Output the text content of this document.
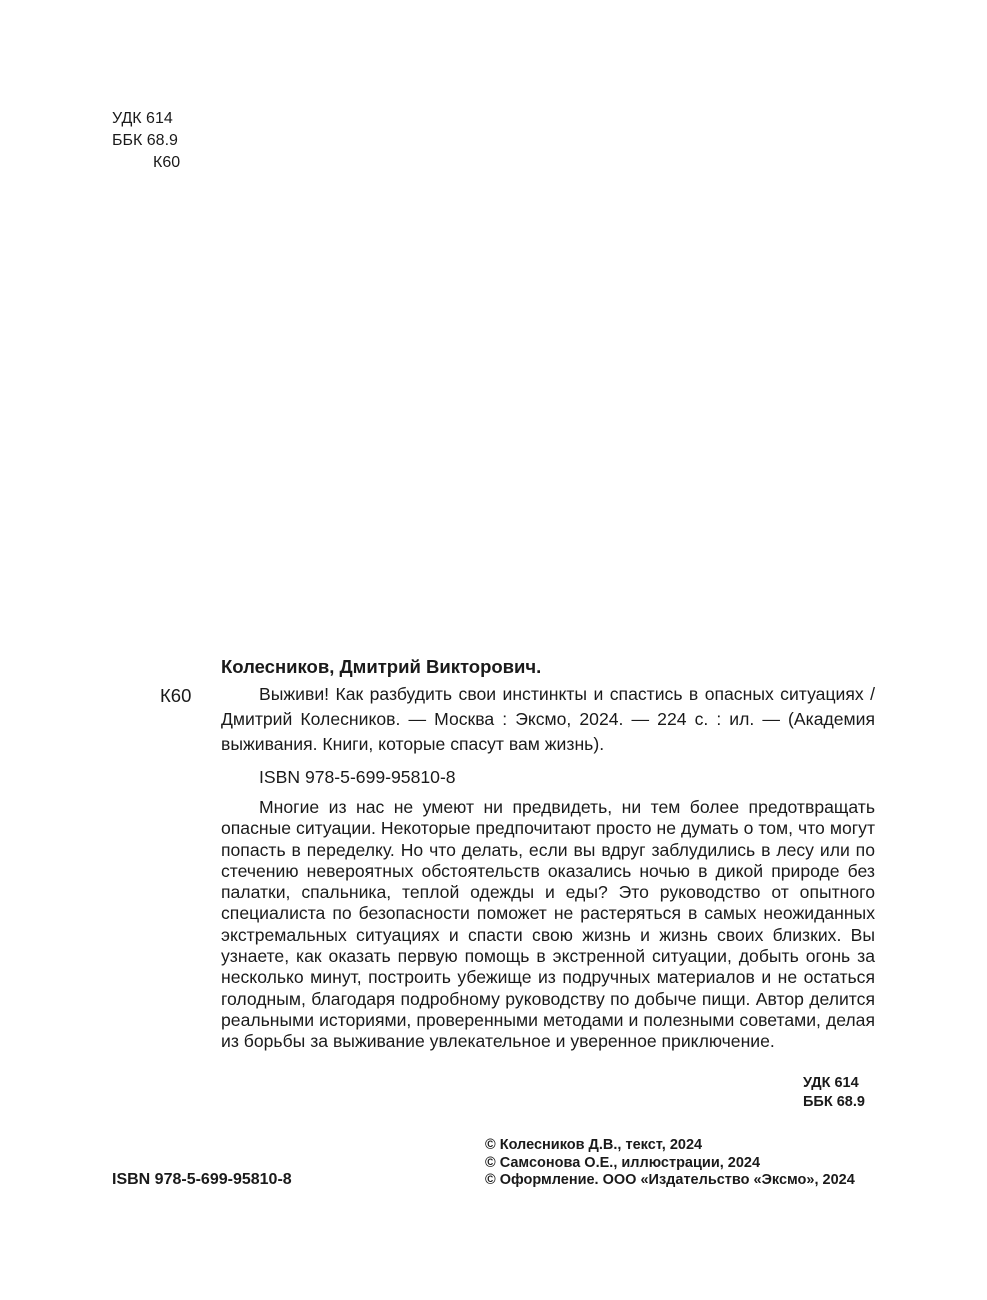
УДК 614
ББК 68.9
К60
Колесников, Дмитрий Викторович.
К60	Выживи! Как разбудить свои инстинкты и спастись в опасных ситуациях / Дмитрий Колесников. — Москва : Эксмо, 2024. — 224 с. : ил. — (Академия выживания. Книги, которые спасут вам жизнь).

ISBN 978-5-699-95810-8

Многие из нас не умеют ни предвидеть, ни тем более предотвращать опасные ситуации. Некоторые предпочитают просто не думать о том, что могут попасть в переделку. Но что делать, если вы вдруг заблудились в лесу или по стечению невероятных обстоятельств оказались ночью в дикой природе без палатки, спальника, теплой одежды и еды? Это руководство от опытного специалиста по безопасности поможет не растеряться в самых неожиданных экстремальных ситуациях и спасти свою жизнь и жизнь своих близких. Вы узнаете, как оказать первую помощь в экстренной ситуации, добыть огонь за несколько минут, построить убежище из подручных материалов и не остаться голодным, благодаря подробному руководству по добыче пищи. Автор делится реальными историями, проверенными методами и полезными советами, делая из борьбы за выживание увлекательное и уверенное приключение.

УДК 614
ББК 68.9
© Колесников Д.В., текст, 2024
© Самсонова О.Е., иллюстрации, 2024
© Оформление. ООО «Издательство «Эксмо», 2024
ISBN 978-5-699-95810-8
